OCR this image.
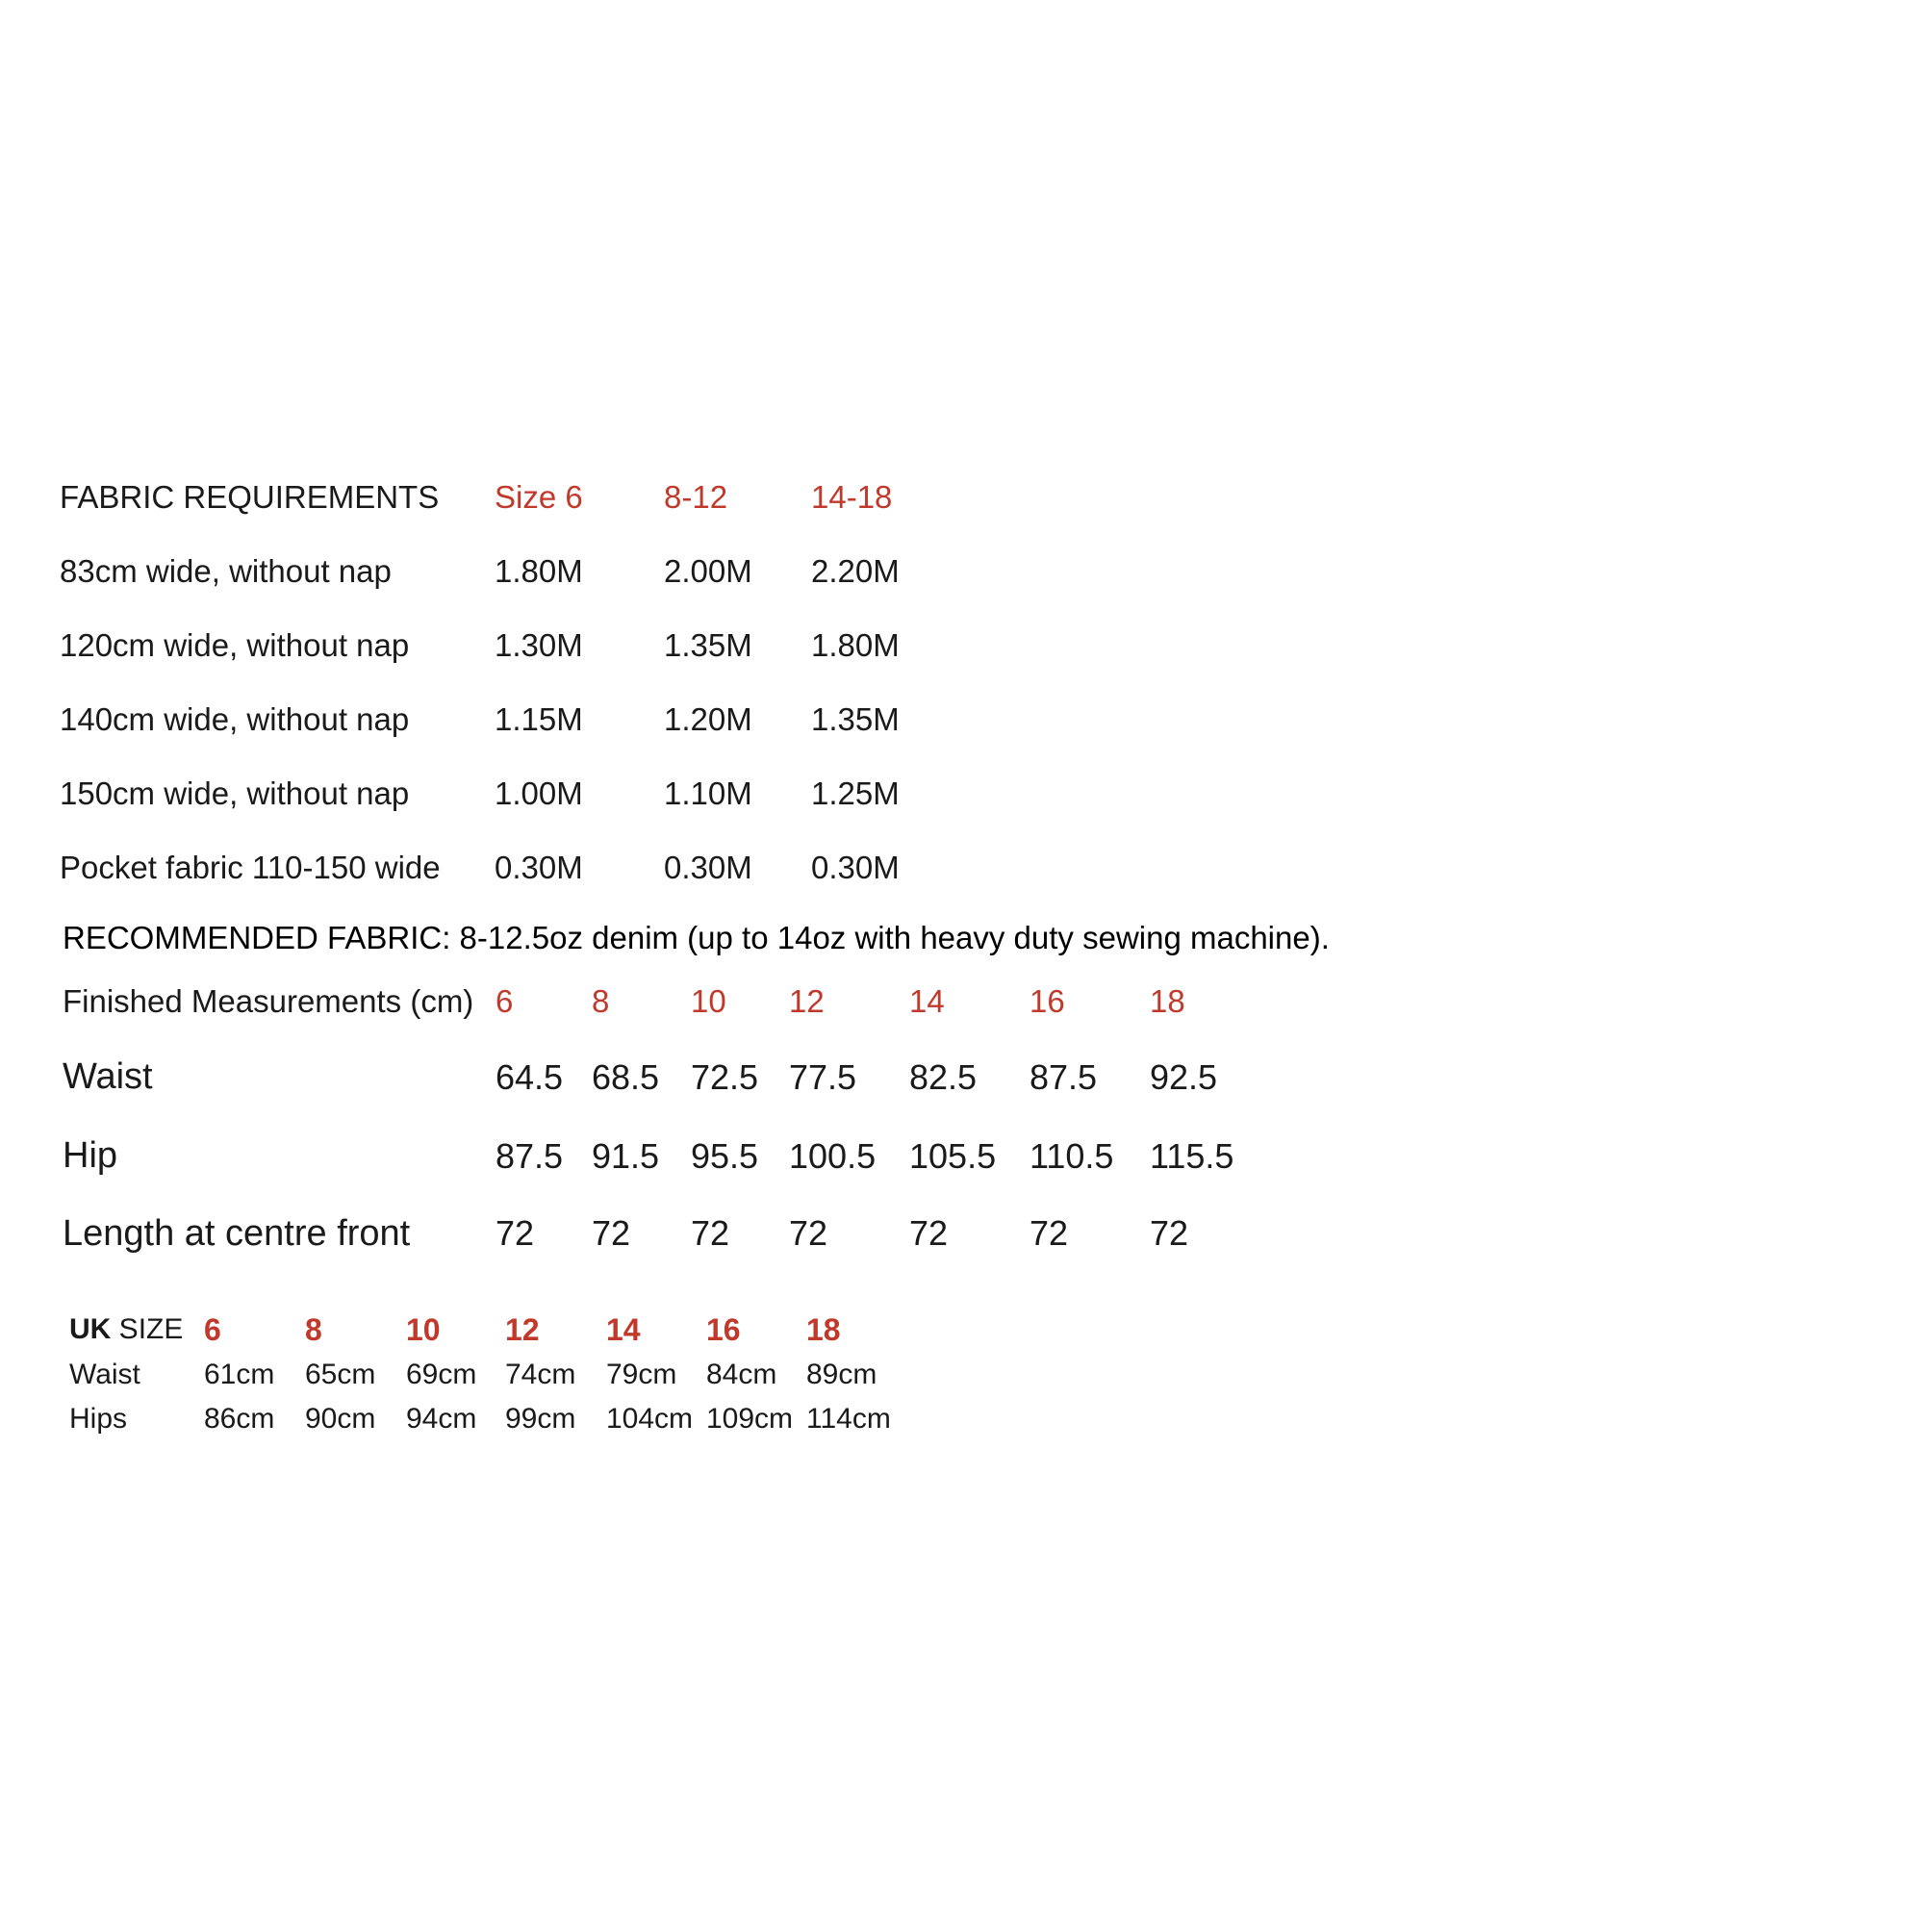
FABRIC REQUIREMENTS Size 6	8-12	14-18
83cm wide, without nap	1.80M	2.00M 2.20M
120cm wide, without nap	1.30M	1.35M 1.80M
140cm wide, without nap	1.15M	1.20M 1.35M
150cm wide, without nap	1.00M	1.10M 1.25M
Pocket fabric 110-150 wide 0.30M	0.30M 0.30M
RECOMMENDED FABRIC: 8-12.5oz denim (up to 14oz with heavy duty sewing machine).
Finished Measurements (cm) 6 8	10 12	14	16	18
Waist	64.5 68.5 72.5 77.5 82.5 87.5 92.5
Hip	87.5 91.5 95.5 100.5 105.5 110.5 115.5
Length at centre front 72 72 72 72 72 72 72
UK SIZE 6	8	10 12 14 16 18
Waist 61cm 65cm 69cm 74cm 79cm 84cm 89cm
Hips	86cm 90cm 94cm 99cm 104cm 109cm 114cm
